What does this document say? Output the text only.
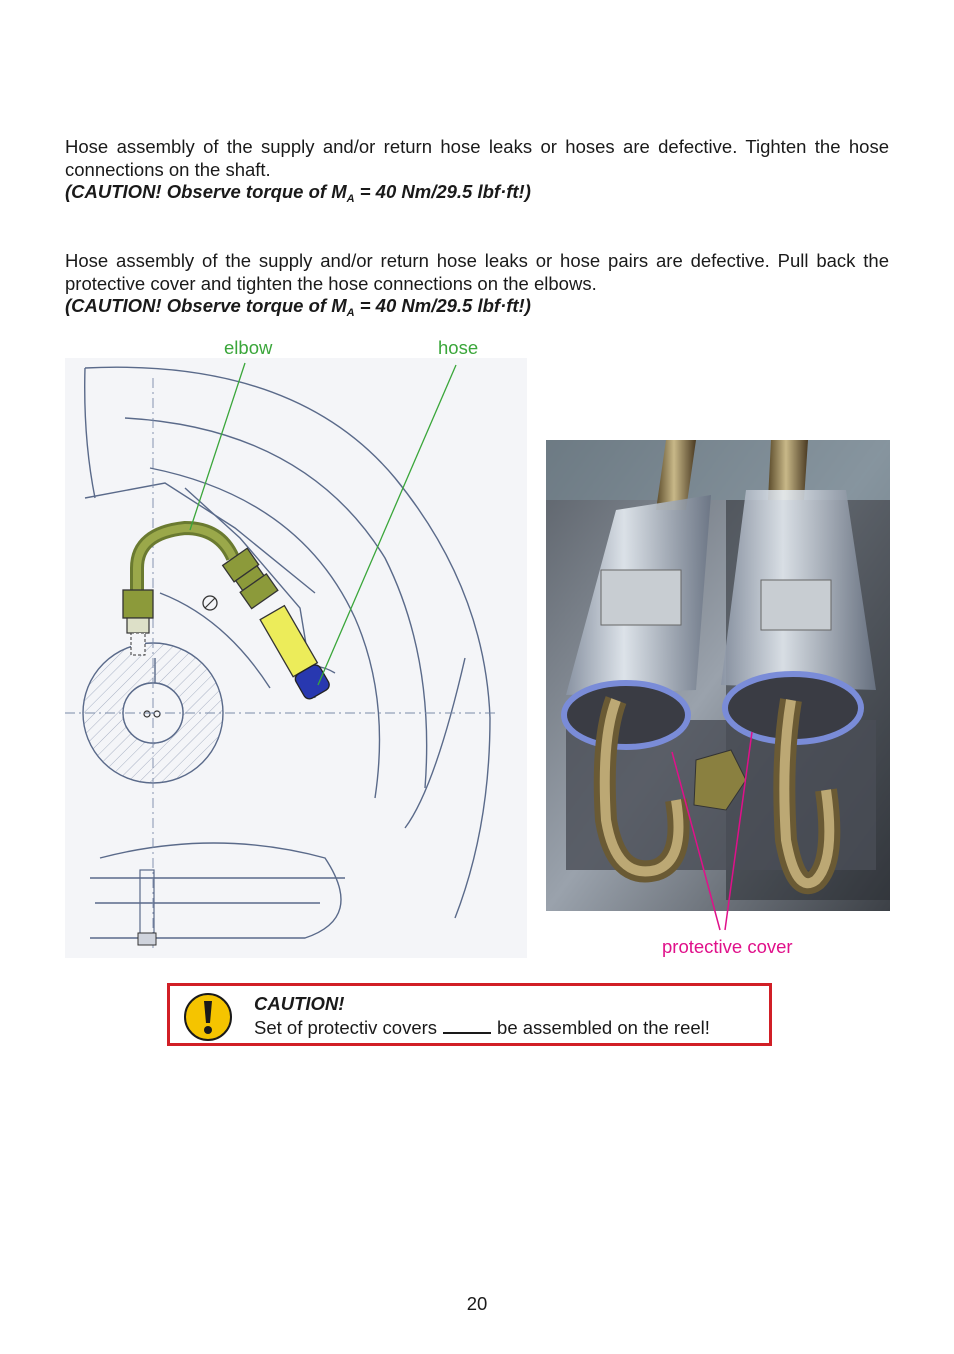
Hose assembly of the supply and/or return hose leaks or hoses are defective. Tighten the hose connections on the shaft.
(CAUTION! Observe torque of $M_A = 40$ Nm/29.5 lbf·ft!)
Hose assembly of the supply and/or return hose leaks or hose pairs are defective. Pull back the protective cover and tighten the hose connections on the elbows.
(CAUTION! Observe torque of $M_A = 40$ Nm/29.5 lbf·ft!)
elbow	hose
protective cover
CAUTION!
Set of protectiv covers	be assembled on the reel!
20
